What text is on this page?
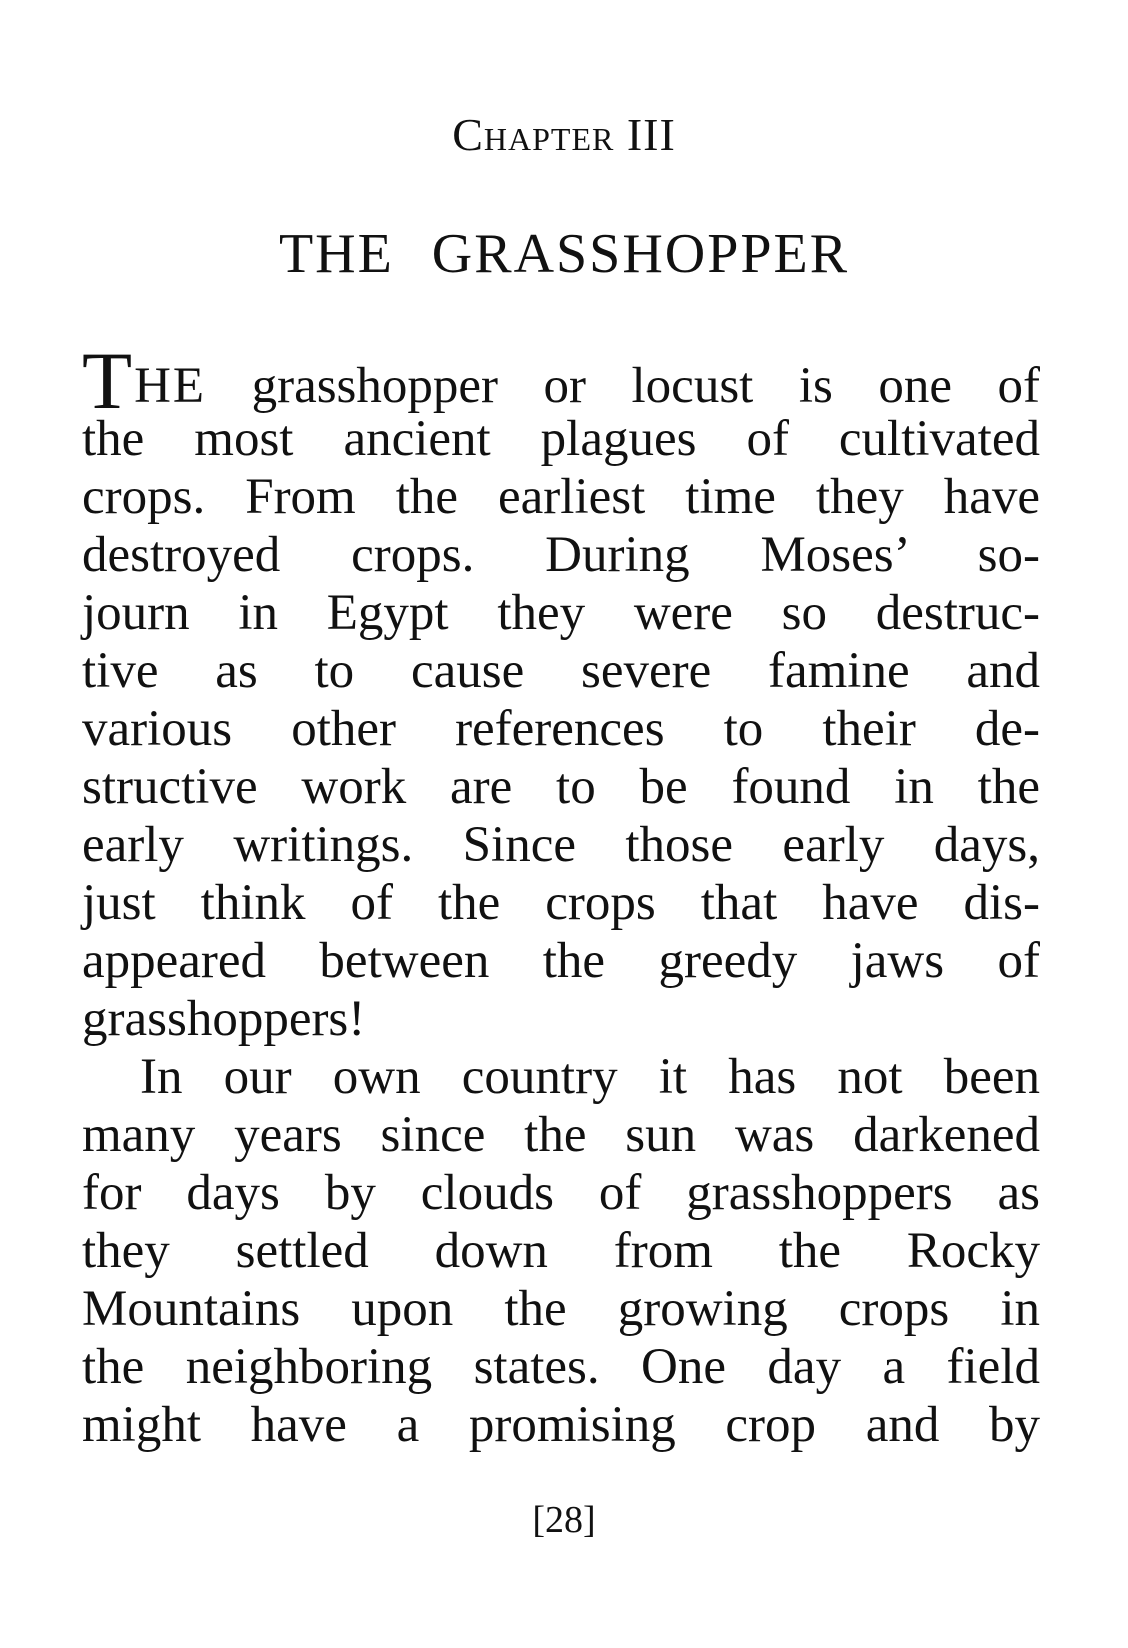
Chapter III
THE GRASSHOPPER
THE grasshopper or locust is one of
the most ancient plagues of cultivated
crops. From the earliest time they have
destroyed crops. During Moses’ so-
journ in Egypt they were so destruc-
tive as to cause severe famine and
various other references to their de-
structive work are to be found in the
early writings. Since those early days,
just think of the crops that have dis-
appeared between the greedy jaws of
grasshoppers!
In our own country it has not been
many years since the sun was darkened
for days by clouds of grasshoppers as
they settled down from the Rocky
Mountains upon the growing crops in
the neighboring states. One day a field
might have a promising crop and by
[28]
